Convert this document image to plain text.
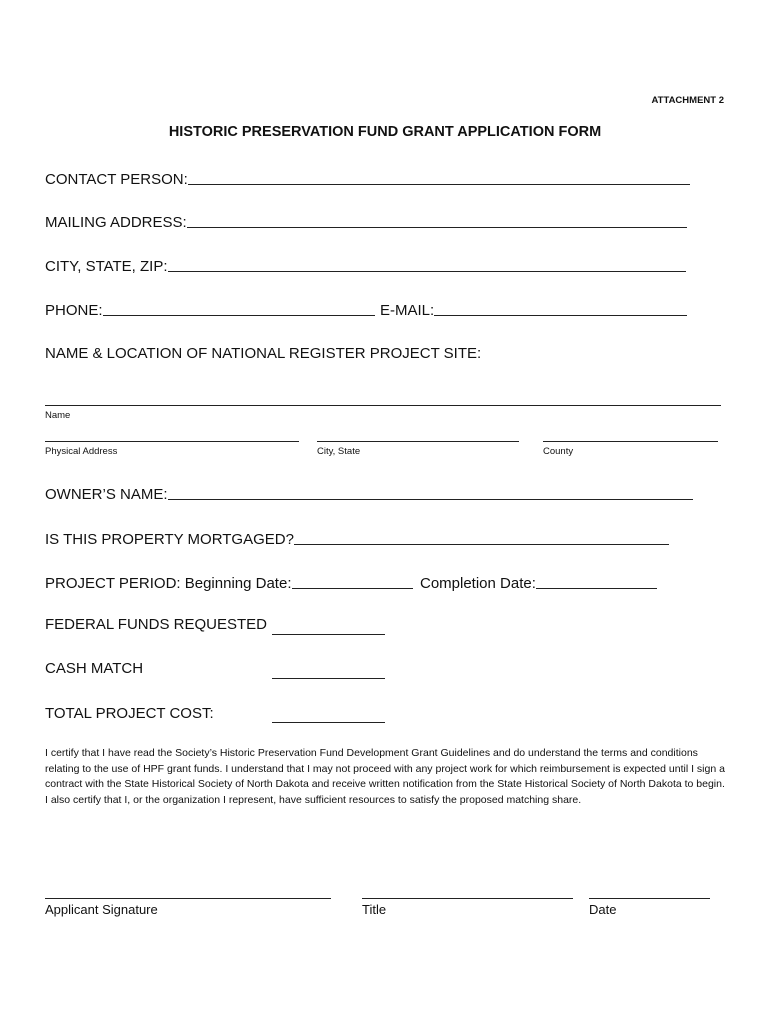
ATTACHMENT 2
HISTORIC PRESERVATION FUND GRANT APPLICATION FORM
CONTACT PERSON:
MAILING ADDRESS:
CITY, STATE, ZIP:
PHONE:	E-MAIL:
NAME & LOCATION OF NATIONAL REGISTER PROJECT SITE:
Name
Physical Address	City, State	County
OWNER’S NAME:
IS THIS PROPERTY MORTGAGED?
PROJECT PERIOD: Beginning Date:	Completion Date:
FEDERAL FUNDS REQUESTED
CASH MATCH
TOTAL PROJECT COST:
I certify that I have read the Society’s Historic Preservation Fund Development Grant Guidelines and do understand the terms and conditions relating to the use of HPF grant funds. I understand that I may not proceed with any project work for which reimbursement is expected until I sign a contract with the State Historical Society of North Dakota and receive written notification from the State Historical Society of North Dakota to begin. I also certify that I, or the organization I represent, have sufficient resources to satisfy the proposed matching share.
Applicant Signature	Title	Date
